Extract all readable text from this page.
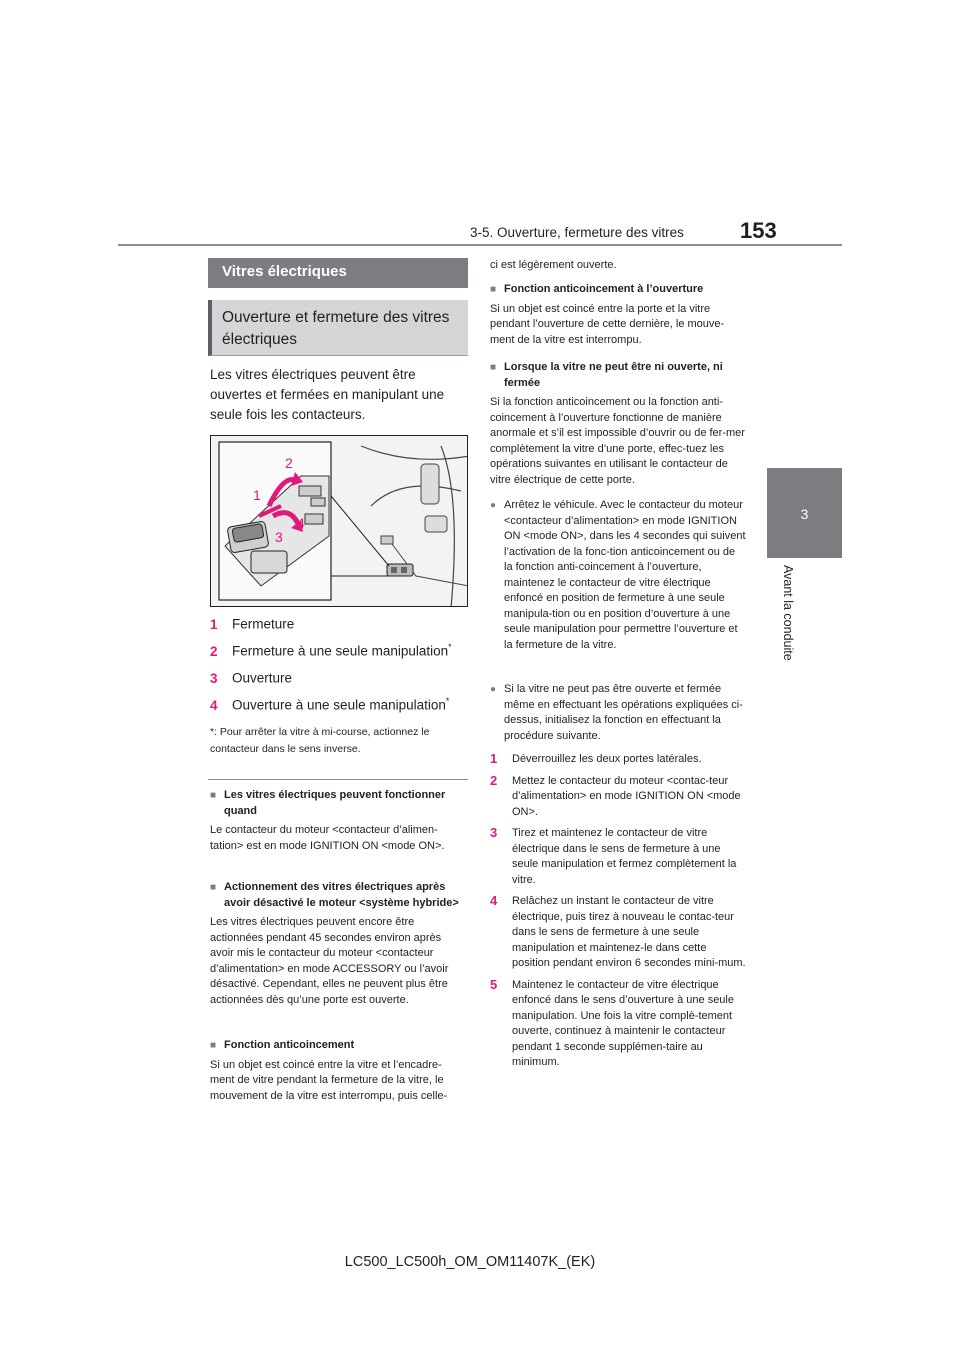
3-5. Ouverture, fermeture des vitres	153
3
Avant la conduite
Vitres électriques
Ouverture et fermeture des vitres électriques
Les vitres électriques peuvent être ouvertes et fermées en manipulant une seule fois les contacteurs.
2
1
3
4
1 Fermeture
2 Fermeture à une seule manipulation*
3 Ouverture
4 Ouverture à une seule manipulation*
*: Pour arrêter la vitre à mi-course, actionnez le contacteur dans le sens inverse.
■ Les vitres électriques peuvent fonctionner quand
Le contacteur du moteur <contacteur d’alimen-tation> est en mode IGNITION ON <mode ON>.
■ Actionnement des vitres électriques après avoir désactivé le moteur <système hybride>
Les vitres électriques peuvent encore être actionnées pendant 45 secondes environ après avoir mis le contacteur du moteur <contacteur d’alimentation> en mode ACCESSORY ou l’avoir désactivé. Cependant, elles ne peuvent plus être actionnées dès qu’une porte est ouverte.
■ Fonction anticoincement
Si un objet est coincé entre la vitre et l’encadre-ment de vitre pendant la fermeture de la vitre, le mouvement de la vitre est interrompu, puis celle-
ci est légèrement ouverte.
■ Fonction anticoincement à l’ouverture
Si un objet est coincé entre la porte et la vitre pendant l’ouverture de cette dernière, le mouve-ment de la vitre est interrompu.
■ Lorsque la vitre ne peut être ni ouverte, ni fermée
Si la fonction anticoincement ou la fonction anti-coincement à l’ouverture fonctionne de manière anormale et s’il est impossible d’ouvrir ou de fer-mer complètement la vitre d’une porte, effec-tuez les opérations suivantes en utilisant le contacteur de vitre électrique de cette porte.
● Arrêtez le véhicule. Avec le contacteur du moteur <contacteur d’alimentation> en mode IGNITION ON <mode ON>, dans les 4 secondes qui suivent l’activation de la fonc-tion anticoincement ou de la fonction anti-coincement à l’ouverture, maintenez le contacteur de vitre électrique enfoncé en position de fermeture à une seule manipula-tion ou en position d’ouverture à une seule manipulation pour permettre l’ouverture et la fermeture de la vitre.
● Si la vitre ne peut pas être ouverte et fermée même en effectuant les opérations expliquées ci-dessus, initialisez la fonction en effectuant la procédure suivante.
1 Déverrouillez les deux portes latérales.
2 Mettez le contacteur du moteur <contac-teur d’alimentation> en mode IGNITION ON <mode ON>.
3 Tirez et maintenez le contacteur de vitre électrique dans le sens de fermeture à une seule manipulation et fermez complètement la vitre.
4 Relâchez un instant le contacteur de vitre électrique, puis tirez à nouveau le contac-teur dans le sens de fermeture à une seule manipulation et maintenez-le dans cette position pendant environ 6 secondes mini-mum.
5 Maintenez le contacteur de vitre électrique enfoncé dans le sens d’ouverture à une seule manipulation. Une fois la vitre complè-tement ouverte, continuez à maintenir le contacteur pendant 1 seconde supplémen-taire au minimum.
LC500_LC500h_OM_OM11407K_(EK)
